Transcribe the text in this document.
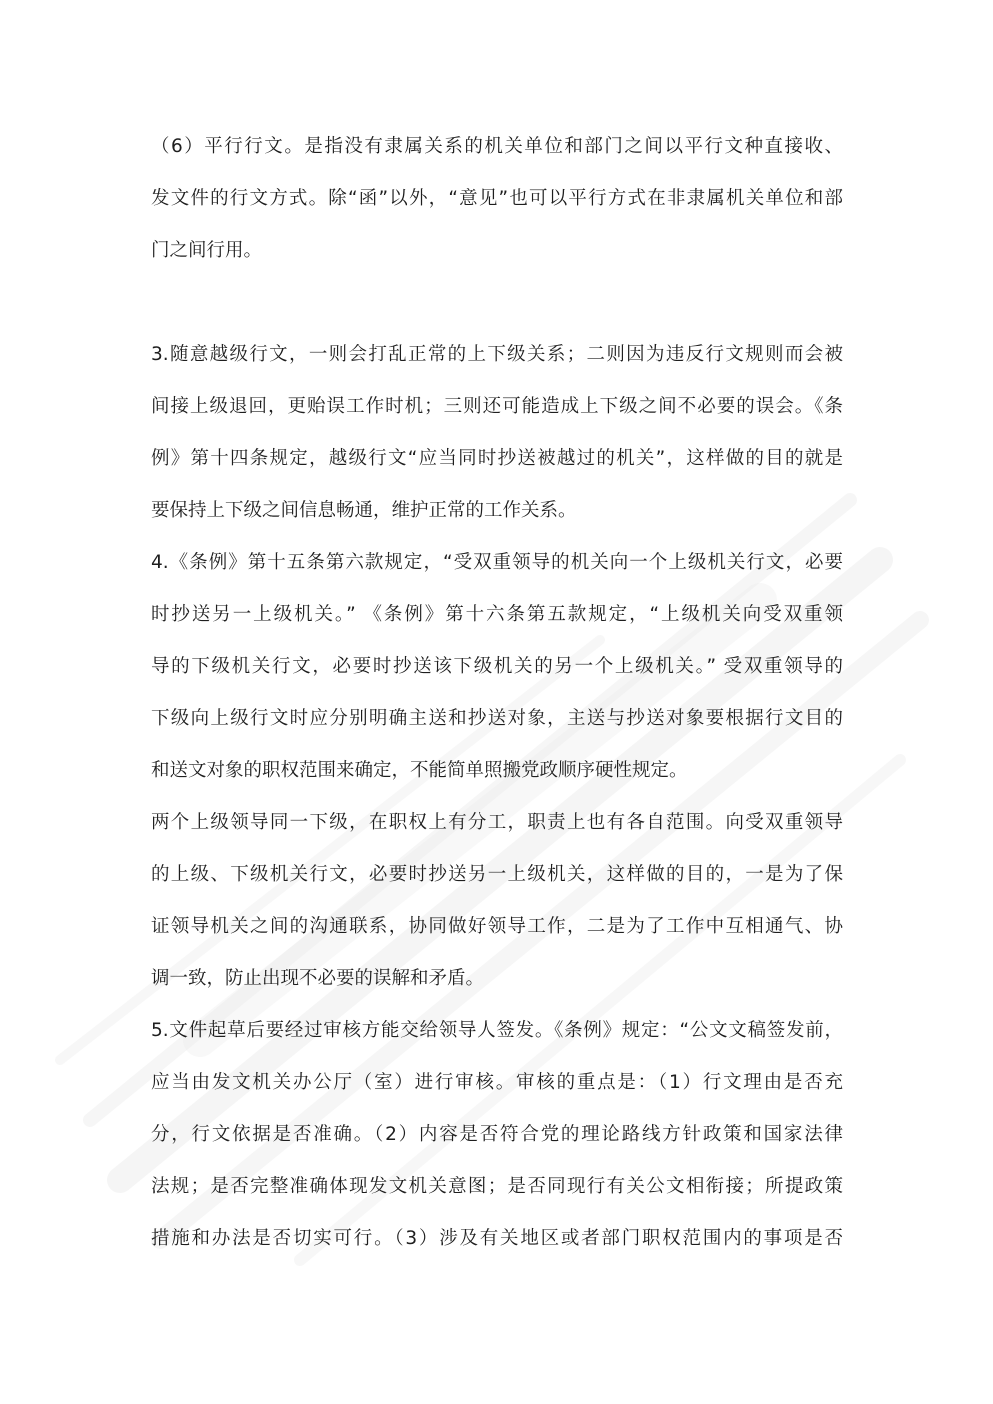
（6）平行行文。是指没有隶属关系的机关单位和部门之间以平行文种直接收、
发文件的行文方式。除“函”以外，“意见”也可以平行方式在非隶属机关单位和部
门之间行用。
3.随意越级行文，一则会打乱正常的上下级关系；二则因为违反行文规则而会被
间接上级退回，更贻误工作时机；三则还可能造成上下级之间不必要的误会。《条
例》第十四条规定，越级行文“应当同时抄送被越过的机关”，这样做的目的就是
要保持上下级之间信息畅通，维护正常的工作关系。
4.《条例》第十五条第六款规定，“受双重领导的机关向一个上级机关行文，必要
时抄送另一上级机关。” 《条例》第十六条第五款规定，“上级机关向受双重领
导的下级机关行文，必要时抄送该下级机关的另一个上级机关。” 受双重领导的
下级向上级行文时应分别明确主送和抄送对象，主送与抄送对象要根据行文目的
和送文对象的职权范围来确定，不能简单照搬党政顺序硬性规定。
两个上级领导同一下级，在职权上有分工，职责上也有各自范围。向受双重领导
的上级、下级机关行文，必要时抄送另一上级机关，这样做的目的，一是为了保
证领导机关之间的沟通联系，协同做好领导工作，二是为了工作中互相通气、协
调一致，防止出现不必要的误解和矛盾。
5.文件起草后要经过审核方能交给领导人签发。《条例》规定：“公文文稿签发前，
应当由发文机关办公厅（室）进行审核。审核的重点是：（1）行文理由是否充
分，行文依据是否准确。（2）内容是否符合党的理论路线方针政策和国家法律
法规；是否完整准确体现发文机关意图；是否同现行有关公文相衔接；所提政策
措施和办法是否切实可行。（3）涉及有关地区或者部门职权范围内的事项是否
